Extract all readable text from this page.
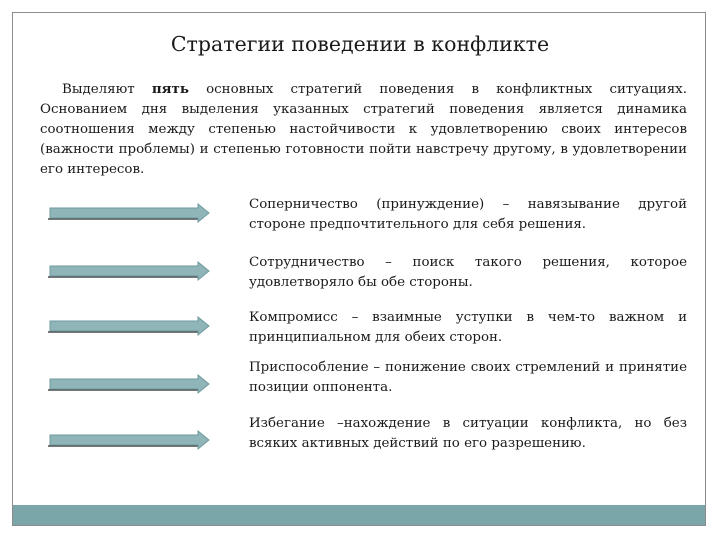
Стратегии поведении в конфликте
Выделяют пять основных стратегий поведения в конфликтных ситуациях. Основанием дня выделения указанных стратегий поведения является динамика соотношения между степенью настойчивости к удовлетворению своих интересов (важности проблемы) и степенью готовности пойти навстречу другому, в удовлетворении его интересов.
Соперничество (принуждение) – навязывание другой стороне предпочтительного для себя решения.
Сотрудничество – поиск такого решения, которое удовлетворяло бы обе стороны.
Компромисс – взаимные уступки в чем-то важном и принципиальном для обеих сторон.
Приспособление – понижение своих стремлений и принятие позиции оппонента.
Избегание –нахождение в ситуации конфликта, но без всяких активных действий по его разрешению.
